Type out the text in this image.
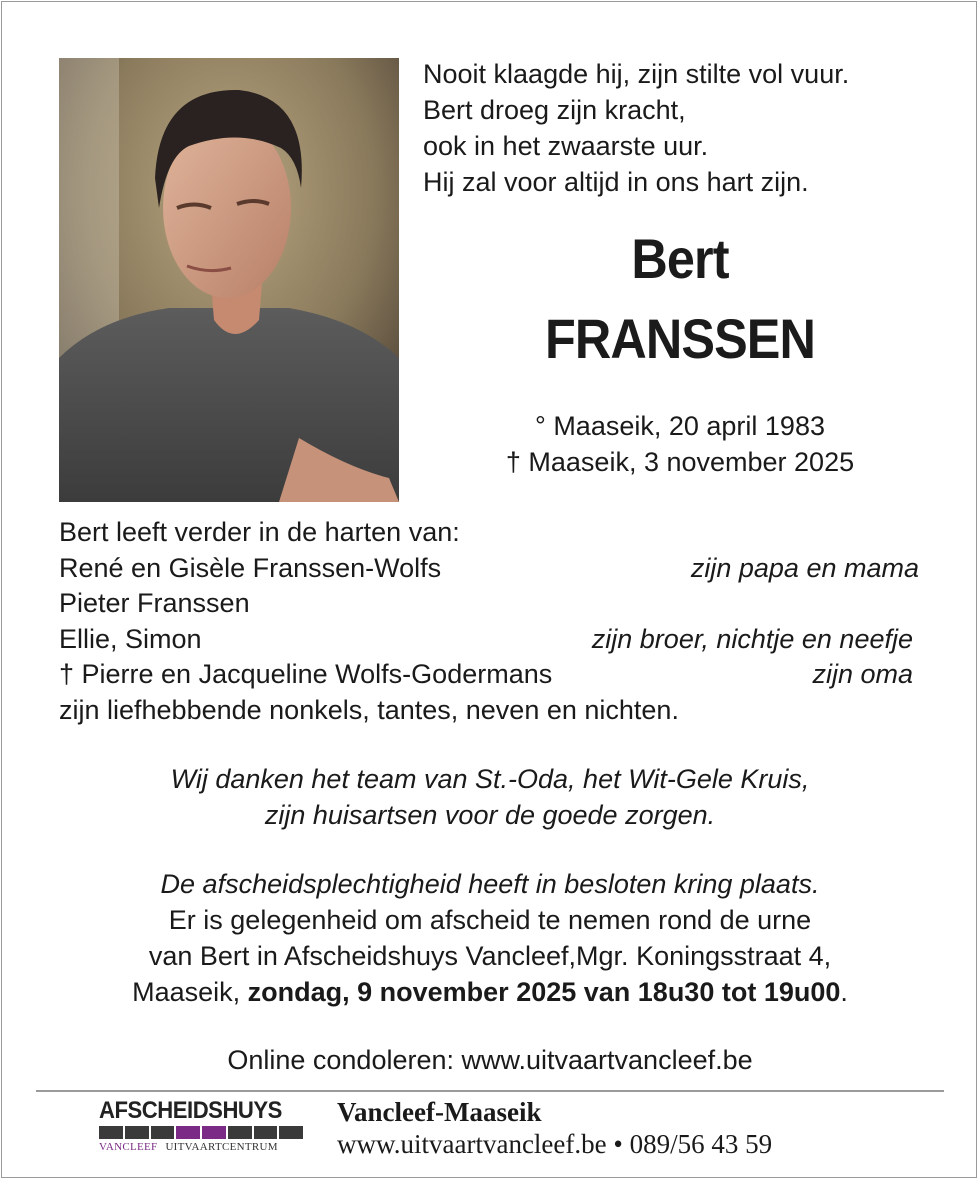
Nooit klaagde hij, zijn stilte vol vuur.
Bert droeg zijn kracht,
ook in het zwaarste uur.
Hij zal voor altijd in ons hart zijn.
Bert
FRANSSEN
° Maaseik, 20 april 1983
† Maaseik, 3 november 2025
Bert leeft verder in de harten van:
René en Gisèle Franssen-Wolfs	zijn papa en mama
Pieter Franssen
Ellie, Simon	zijn broer, nichtje en neefje
† Pierre en Jacqueline Wolfs-Godermans	zijn oma
zijn liefhebbende nonkels, tantes, neven en nichten.
Wij danken het team van St.-Oda, het Wit-Gele Kruis,
zijn huisartsen voor de goede zorgen.
De afscheidsplechtigheid heeft in besloten kring plaats.
Er is gelegenheid om afscheid te nemen rond de urne
van Bert in Afscheidshuys Vancleef,Mgr. Koningsstraat 4,
Maaseik, zondag, 9 november 2025 van 18u30 tot 19u00.
Online condoleren: www.uitvaartvancleef.be
AFSCHEIDSHUYS
VANCLEEF UITVAARTCENTRUM
Vancleef-Maaseik
www.uitvaartvancleef.be • 089/56 43 59
